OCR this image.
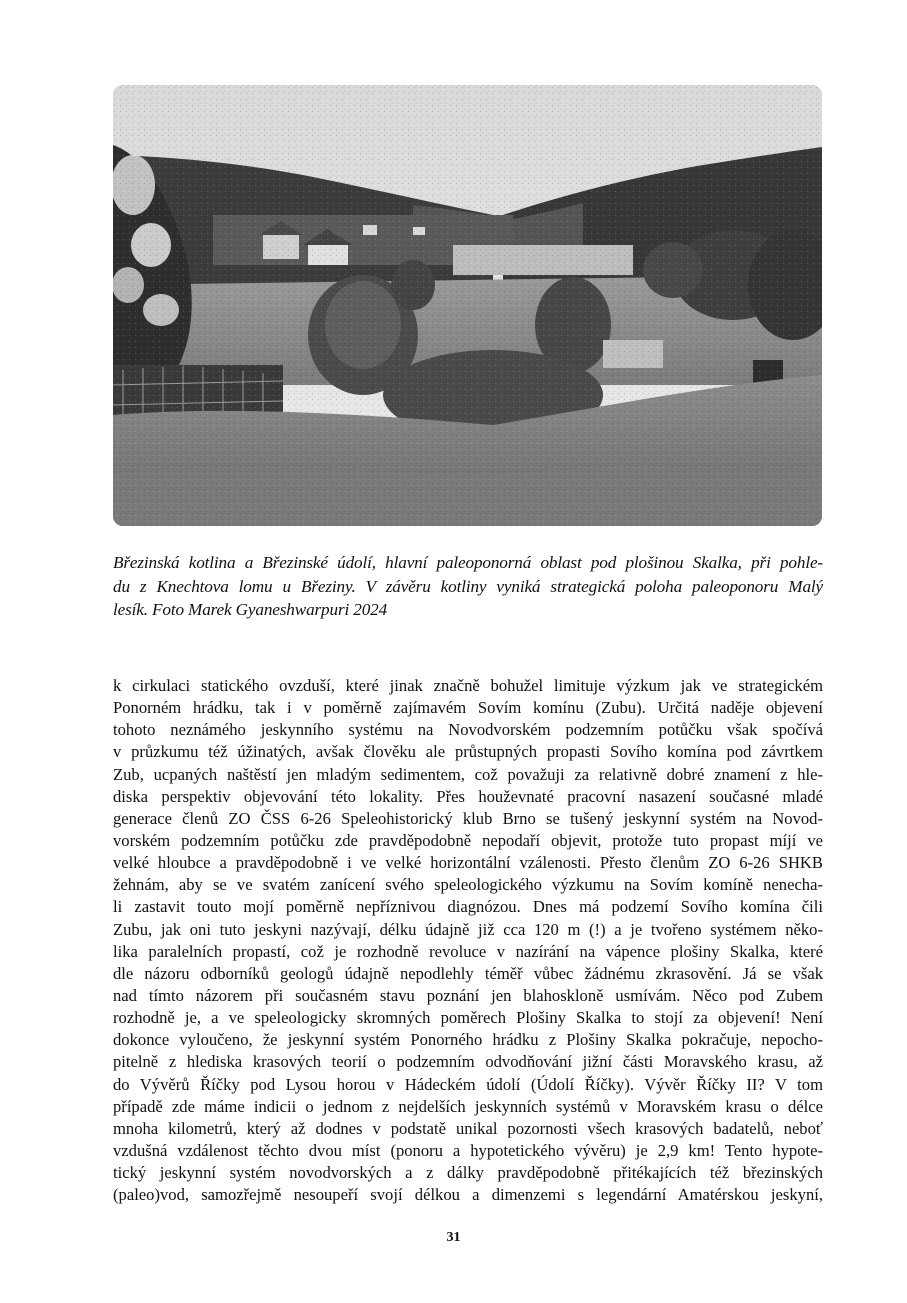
Březinská kotlina a Březinské údolí, hlavní paleoponorná oblast pod plošinou Skalka, při pohle-
du z Knechtova lomu u Březiny. V závěru kotliny vyniká strategická poloha paleoponoru Malý
lesík. Foto Marek Gyaneshwarpuri 2024
k cirkulaci statického ovzduší, které jinak značně bohužel limituje výzkum jak ve strategickém
Ponorném hrádku, tak i v poměrně zajímavém Sovím komínu (Zubu). Určitá naděje objevení
tohoto neznámého jeskynního systému na Novodvorském podzemním potůčku však spočívá
v průzkumu též úžinatých, avšak člověku ale průstupných propasti Sovího komína pod závrtkem
Zub, ucpaných naštěstí jen mladým sedimentem, což považuji za relativně dobré znamení z hle-
diska perspektiv objevování této lokality. Přes houževnaté pracovní nasazení současné mladé
generace členů ZO ČSS 6-26 Speleohistorický klub Brno se tušený jeskynní systém na Novod-
vorském podzemním potůčku zde pravděpodobně nepodaří objevit, protože tuto propast míjí ve
velké hloubce a pravděpodobně i ve velké horizontální vzálenosti. Přesto členům ZO 6-26 SHKB
žehnám, aby se ve svatém zanícení svého speleologického výzkumu na Sovím komíně nenecha-
li zastavit touto mojí poměrně nepříznivou diagnózou. Dnes má podzemí Sovího komína čili
Zubu, jak oni tuto jeskyni nazývají, délku údajně již cca 120 m (!) a je tvořeno systémem něko-
lika paralelních propastí, což je rozhodně revoluce v nazírání na vápence plošiny Skalka, které
dle názoru odborníků geologů údajně nepodlehly téměř vůbec žádnému zkrasovění. Já se však
nad tímto názorem při současném stavu poznání jen blahoskloně usmívám. Něco pod Zubem
rozhodně je, a ve speleologicky skromných poměrech Plošiny Skalka to stojí za objevení! Není
dokonce vyloučeno, že jeskynní systém Ponorného hrádku z Plošiny Skalka pokračuje, nepocho-
pitelně z hlediska krasových teorií o podzemním odvodňování jižní části Moravského krasu, až
do Vývěrů Říčky pod Lysou horou v Hádeckém údolí (Údolí Říčky). Vývěr Říčky II? V tom
případě zde máme indicii o jednom z nejdelších jeskynních systémů v Moravském krasu o délce
mnoha kilometrů, který až dodnes v podstatě unikal pozornosti všech krasových badatelů, neboť
vzdušná vzdálenost těchto dvou míst (ponoru a hypotetického vývěru) je 2,9 km! Tento hypote-
tický jeskynní systém novodvorských a z dálky pravděpodobně přitékajících též březinských
(paleo)vod, samozřejmě nesoupeří svojí délkou a dimenzemi s legendární Amatérskou jeskyní,
31
